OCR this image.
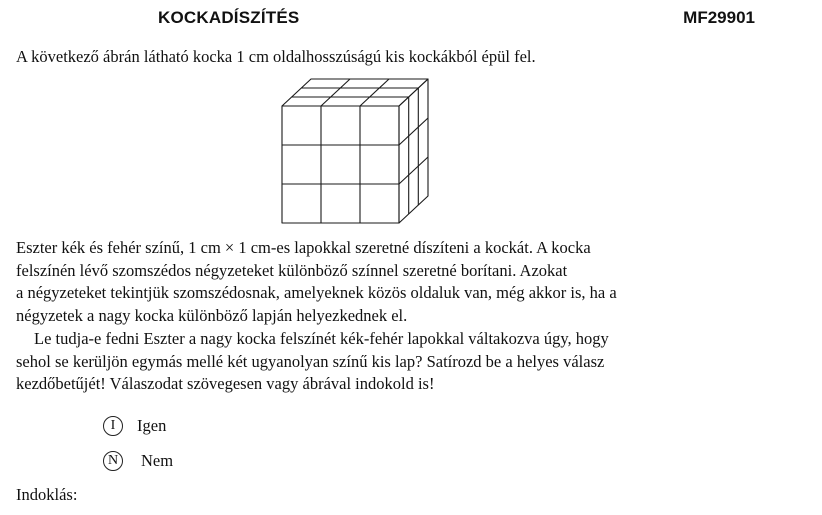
KOCKADÍSZÍTÉS	MF29901
A következő ábrán látható kocka 1 cm oldalhosszúságú kis kockákból épül fel.

Eszter kék és fehér színű, 1 cm × 1 cm-es lapokkal szeretné díszíteni a kockát. A kocka

felszínén lévő szomszédos négyzeteket különböző színnel szeretné borítani. Azokat

a négyzeteket tekintjük szomszédosnak, amelyeknek közös oldaluk van, még akkor is, ha a

négyzetek a nagy kocka különböző lapján helyezkednek el.

Le tudja-e fedni Eszter a nagy kocka felszínét kék-fehér lapokkal váltakozva úgy, hogy

sehol se kerüljön egymás mellé két ugyanolyan színű kis lap? Satírozd be a helyes válasz

kezdőbetűjét! Válaszodat szövegesen vagy ábrával indokold is!

I	Igen
N Nem
Indoklás:
